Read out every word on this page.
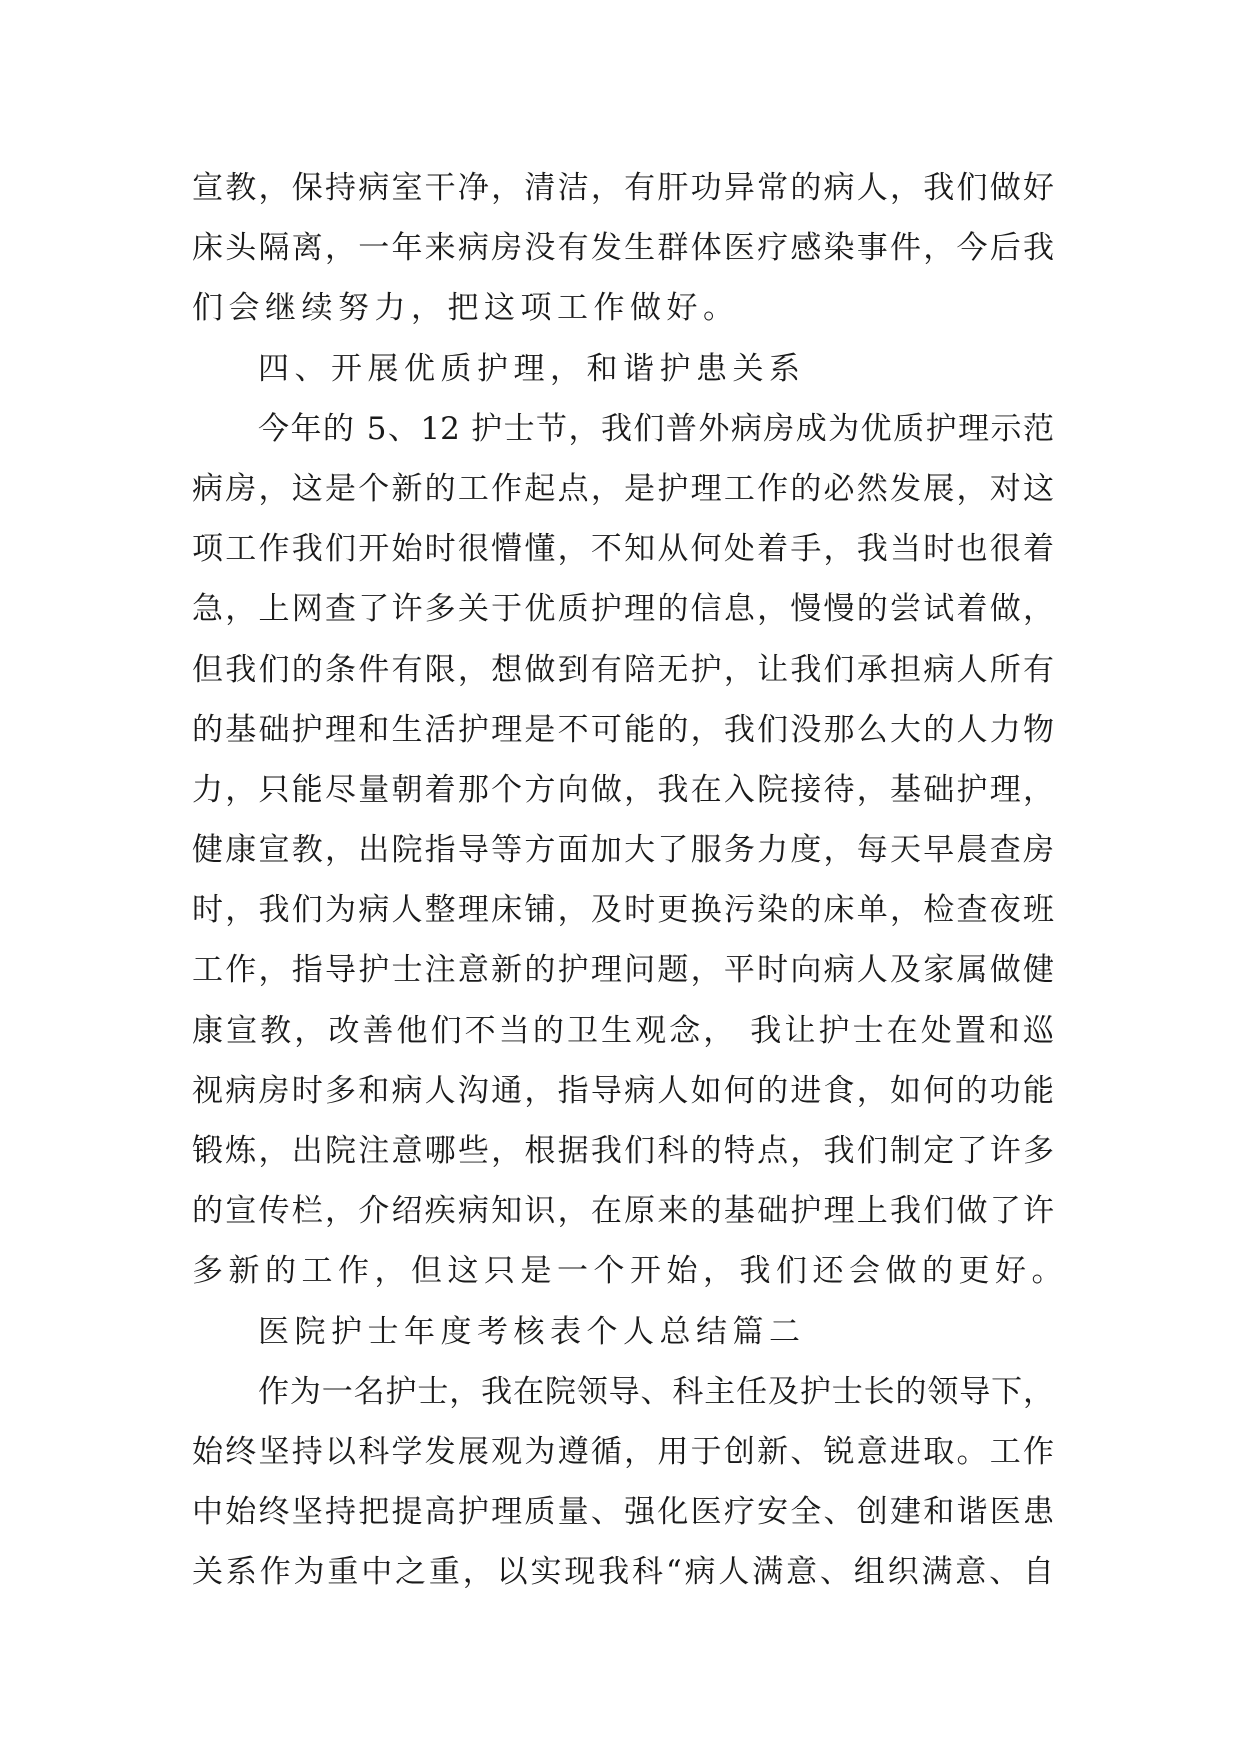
宣教，保持病室干净，清洁，有肝功异常的病人，我们做好
床头隔离，一年来病房没有发生群体医疗感染事件，今后我
们会继续努力，把这项工作做好。
四、开展优质护理，和谐护患关系
今年的 5、12 护士节，我们普外病房成为优质护理示范
病房，这是个新的工作起点，是护理工作的必然发展，对这
项工作我们开始时很懵懂，不知从何处着手，我当时也很着
急，上网查了许多关于优质护理的信息，慢慢的尝试着做，
但我们的条件有限，想做到有陪无护，让我们承担病人所有
的基础护理和生活护理是不可能的，我们没那么大的人力物
力，只能尽量朝着那个方向做，我在入院接待，基础护理，
健康宣教，出院指导等方面加大了服务力度，每天早晨查房
时，我们为病人整理床铺，及时更换污染的床单，检查夜班
工作，指导护士注意新的护理问题，平时向病人及家属做健
康宣教，改善他们不当的卫生观念， 我让护士在处置和巡
视病房时多和病人沟通，指导病人如何的进食，如何的功能
锻炼，出院注意哪些，根据我们科的特点，我们制定了许多
的宣传栏，介绍疾病知识，在原来的基础护理上我们做了许
多新的工作，但这只是一个开始，我们还会做的更好。
医院护士年度考核表个人总结篇二
作为一名护士，我在院领导、科主任及护士长的领导下，
始终坚持以科学发展观为遵循，用于创新、锐意进取。工作
中始终坚持把提高护理质量、强化医疗安全、创建和谐医患
关系作为重中之重，以实现我科“病人满意、组织满意、自
